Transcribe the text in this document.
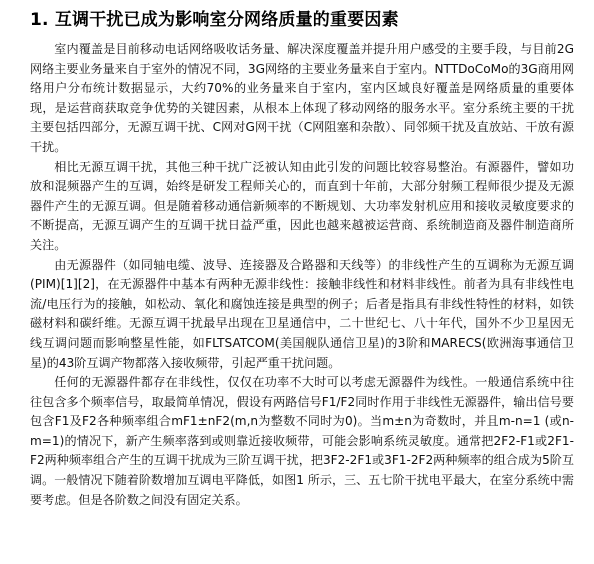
1. 互调干扰已成为影响室分网络质量的重要因素

室内覆盖是目前移动电话网络吸收话务量、解决深度覆盖并提升用户感受的主要手段，与目前2G网络主要业务量来自于室外的情况不同，3G网络的主要业务量来自于室内。NTTDoCoMo的3G商用网络用户分布统计数据显示，大约70%的业务量来自于室内，室内区域良好覆盖是网络质量的重要体现，是运营商获取竞争优势的关键因素，从根本上体现了移动网络的服务水平。室分系统主要的干扰主要包括四部分，无源互调干扰、C网对G网干扰（C网阻塞和杂散）、同邻频干扰及直放站、干放有源干扰。

相比无源互调干扰，其他三种干扰广泛被认知由此引发的问题比较容易整治。有源器件，譬如功放和混频器产生的互调，始终是研发工程师关心的，而直到十年前，大部分射频工程师很少提及无源器件产生的无源互调。但是随着移动通信新频率的不断规划、大功率发射机应用和接收灵敏度要求的不断提高，无源互调产生的互调干扰日益严重，因此也越来越被运营商、系统制造商及器件制造商所关注。

由无源器件（如同轴电缆、波导、连接器及合路器和天线等）的非线性产生的互调称为无源互调(PIM)[1][2]，在无源器件中基本有两种无源非线性：接触非线性和材料非线性。前者为具有非线性电流/电压行为的接触，如松动、氧化和腐蚀连接是典型的例子；后者是指具有非线性特性的材料，如铁磁材料和碳纤维。无源互调干扰最早出现在卫星通信中，二十世纪七、八十年代，国外不少卫星因无线互调问题而影响整星性能，如FLTSATCOM(美国舰队通信卫星)的3阶和MARECS(欧洲海事通信卫星)的43阶互调产物都落入接收频带，引起严重干扰问题。

任何的无源器件都存在非线性，仅仅在功率不大时可以考虑无源器件为线性。一般通信系统中往往包含多个频率信号，取最简单情况，假设有两路信号F1/F2同时作用于非线性无源器件，输出信号要包含F1及F2各种频率组合mF1±nF2(m,n为整数不同时为0)。当m±n为奇数时，并且m-n=1 (或n-m=1)的情况下，新产生频率落到或则靠近接收频带，可能会影响系统灵敏度。通常把2F2-F1或2F1-F2两种频率组合产生的互调干扰成为三阶互调干扰，把3F2-2F1或3F1-2F2两种频率的组合成为5阶互调。一般情况下随着阶数增加互调电平降低，如图1 所示，三、五七阶干扰电平最大，在室分系统中需要考虑。但是各阶数之间没有固定关系。
